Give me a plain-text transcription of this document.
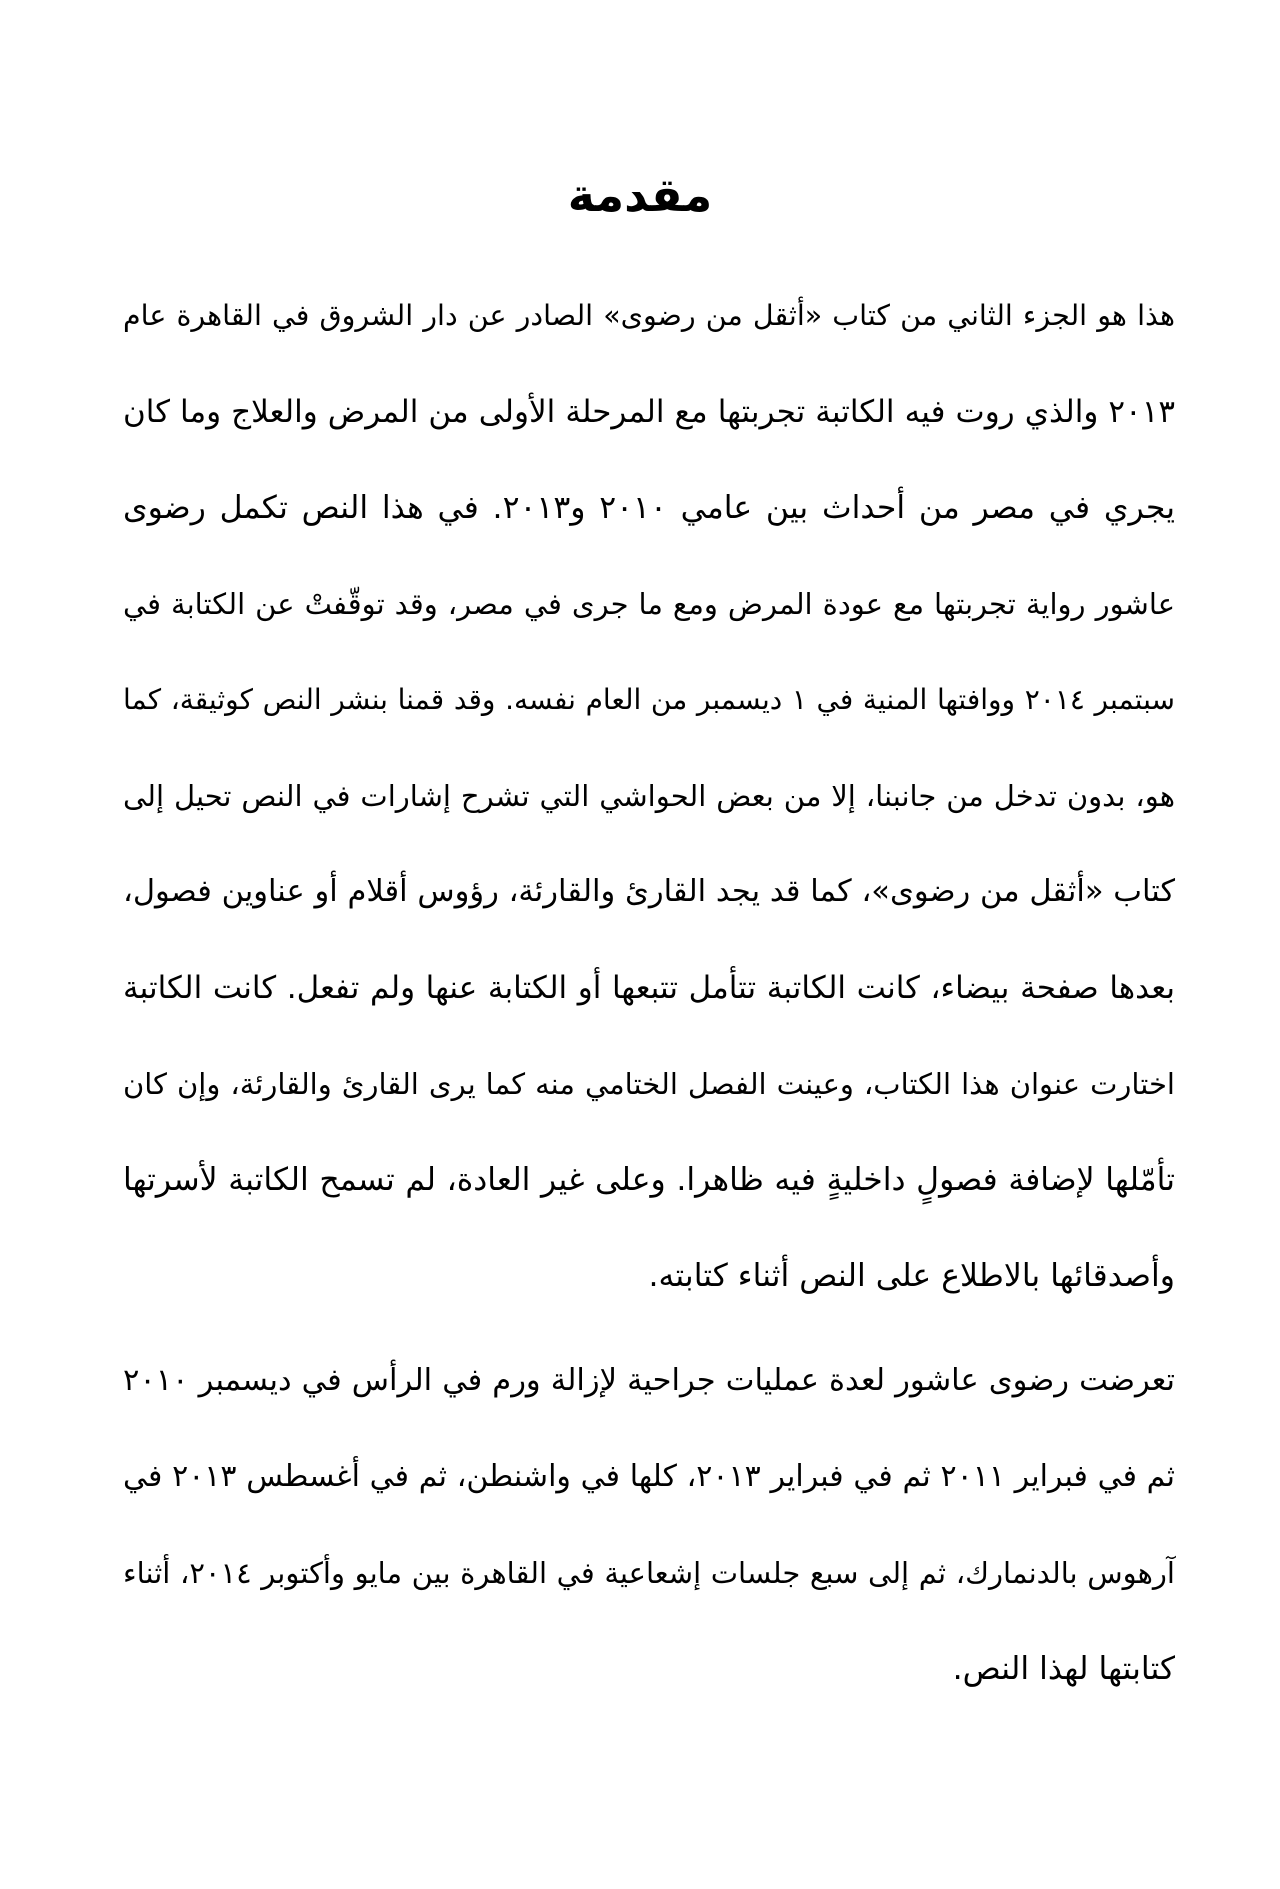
مقدمة
هذا هو الجزء الثاني من كتاب «أثقل من رضوى» الصادر عن دار الشروق في القاهرة عام
٢٠١٣ والذي روت فيه الكاتبة تجربتها مع المرحلة الأولى من المرض والعلاج وما كان
يجري في مصر من أحداث بين عامي ٢٠١٠ و٢٠١٣. في هذا النص تكمل رضوى
عاشور رواية تجربتها مع عودة المرض ومع ما جرى في مصر، وقد توقّفتْ عن الكتابة في
سبتمبر ٢٠١٤ ووافتها المنية في ١ ديسمبر من العام نفسه. وقد قمنا بنشر النص كوثيقة، كما
هو، بدون تدخل من جانبنا، إلا من بعض الحواشي التي تشرح إشارات في النص تحيل إلى
كتاب «أثقل من رضوى»، كما قد يجد القارئ والقارئة، رؤوس أقلام أو عناوين فصول،
بعدها صفحة بيضاء، كانت الكاتبة تتأمل تتبعها أو الكتابة عنها ولم تفعل. كانت الكاتبة
اختارت عنوان هذا الكتاب، وعينت الفصل الختامي منه كما يرى القارئ والقارئة، وإن كان
تأمّلها لإضافة فصولٍ داخليةٍ فيه ظاهرا. وعلى غير العادة، لم تسمح الكاتبة لأسرتها
وأصدقائها بالاطلاع على النص أثناء كتابته.
تعرضت رضوى عاشور لعدة عمليات جراحية لإزالة ورم في الرأس في ديسمبر ٢٠١٠
ثم في فبراير ٢٠١١ ثم في فبراير ٢٠١٣، كلها في واشنطن، ثم في أغسطس ٢٠١٣ في
آرهوس بالدنمارك، ثم إلى سبع جلسات إشعاعية في القاهرة بين مايو وأكتوبر ٢٠١٤، أثناء
كتابتها لهذا النص.
